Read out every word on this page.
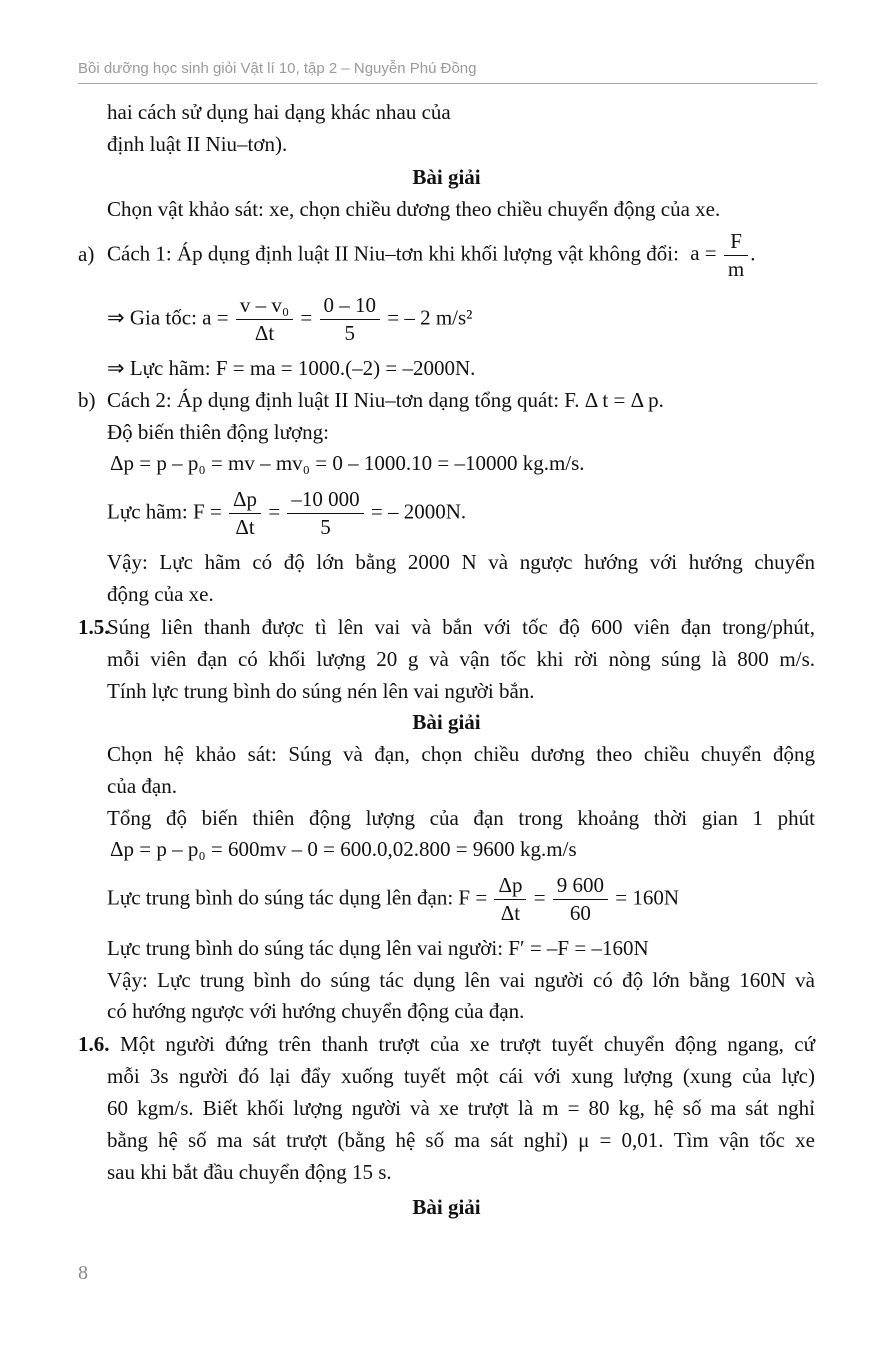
Bồi dưỡng học sinh giỏi Vật lí 10, tập 2 – Nguyễn Phú Đồng
hai cách sử dụng hai dạng khác nhau của
định luật II Niu–tơn).
Bài giải
Chọn vật khảo sát: xe, chọn chiều dương theo chiều chuyển động của xe.
a) Cách 1: Áp dụng định luật II Niu–tơn khi khối lượng vật không đổi: $a = \frac{F}{m}$ .
⇒ Gia tốc: $a = \frac{\text{v – v₀}}{\Delta t} = \frac{0 - 10}{5}$ = – 2 m/s²
⇒ Lực hãm: F = ma = 1000.(–2) = –2000N.
b) Cách 2: Áp dụng định luật II Niu–tơn dạng tổng quát: F. Δ t = Δ p.
Độ biến thiên động lượng:
Δp = p – p₀ = mv – mv₀ = 0 – 1000.10 = –10000 kg.m/s.
Lực hãm: $F = \frac{\Delta p}{\Delta t} = \frac{-10 000}{5}$ = – 2000N.
Vậy: Lực hãm có độ lớn bằng 2000 N và ngược hướng với hướng chuyển
động của xe.
1.5.
Súng liên thanh được tì lên vai và bắn với tốc độ 600 viên đạn trong/phút,
mỗi viên đạn có khối lượng 20 g và vận tốc khi rời nòng súng là 800 m/s.
Tính lực trung bình do súng nén lên vai người bắn.
Bài giải
Chọn hệ khảo sát: Súng và đạn, chọn chiều dương theo chiều chuyển động
của đạn.
Tổng độ biến thiên động lượng của đạn trong khoảng thời gian 1 phút
Δp = p – p₀ = 600mv – 0 = 600.0,02.800 = 9600 kg.m/s
Lực trung bình do súng tác dụng lên đạn: $F = \frac{\Delta p}{\Delta t} = \frac{9 600}{60} = 160N$
Lực trung bình do súng tác dụng lên vai người: F′ = –F = –160N
Vậy: Lực trung bình do súng tác dụng lên vai người có độ lớn bằng 160N và
có hướng ngược với hướng chuyển động của đạn.
1.6. Một người đứng trên thanh trượt của xe trượt tuyết chuyển động ngang, cứ
mỗi 3s người đó lại đẩy xuống tuyết một cái với xung lượng (xung của lực)
60 kgm/s. Biết khối lượng người và xe trượt là m = 80 kg, hệ số ma sát nghỉ
bằng hệ số ma sát trượt (bằng hệ số ma sát nghỉ) μ = 0,01. Tìm vận tốc xe
sau khi bắt đầu chuyển động 15 s.
Bài giải
8
